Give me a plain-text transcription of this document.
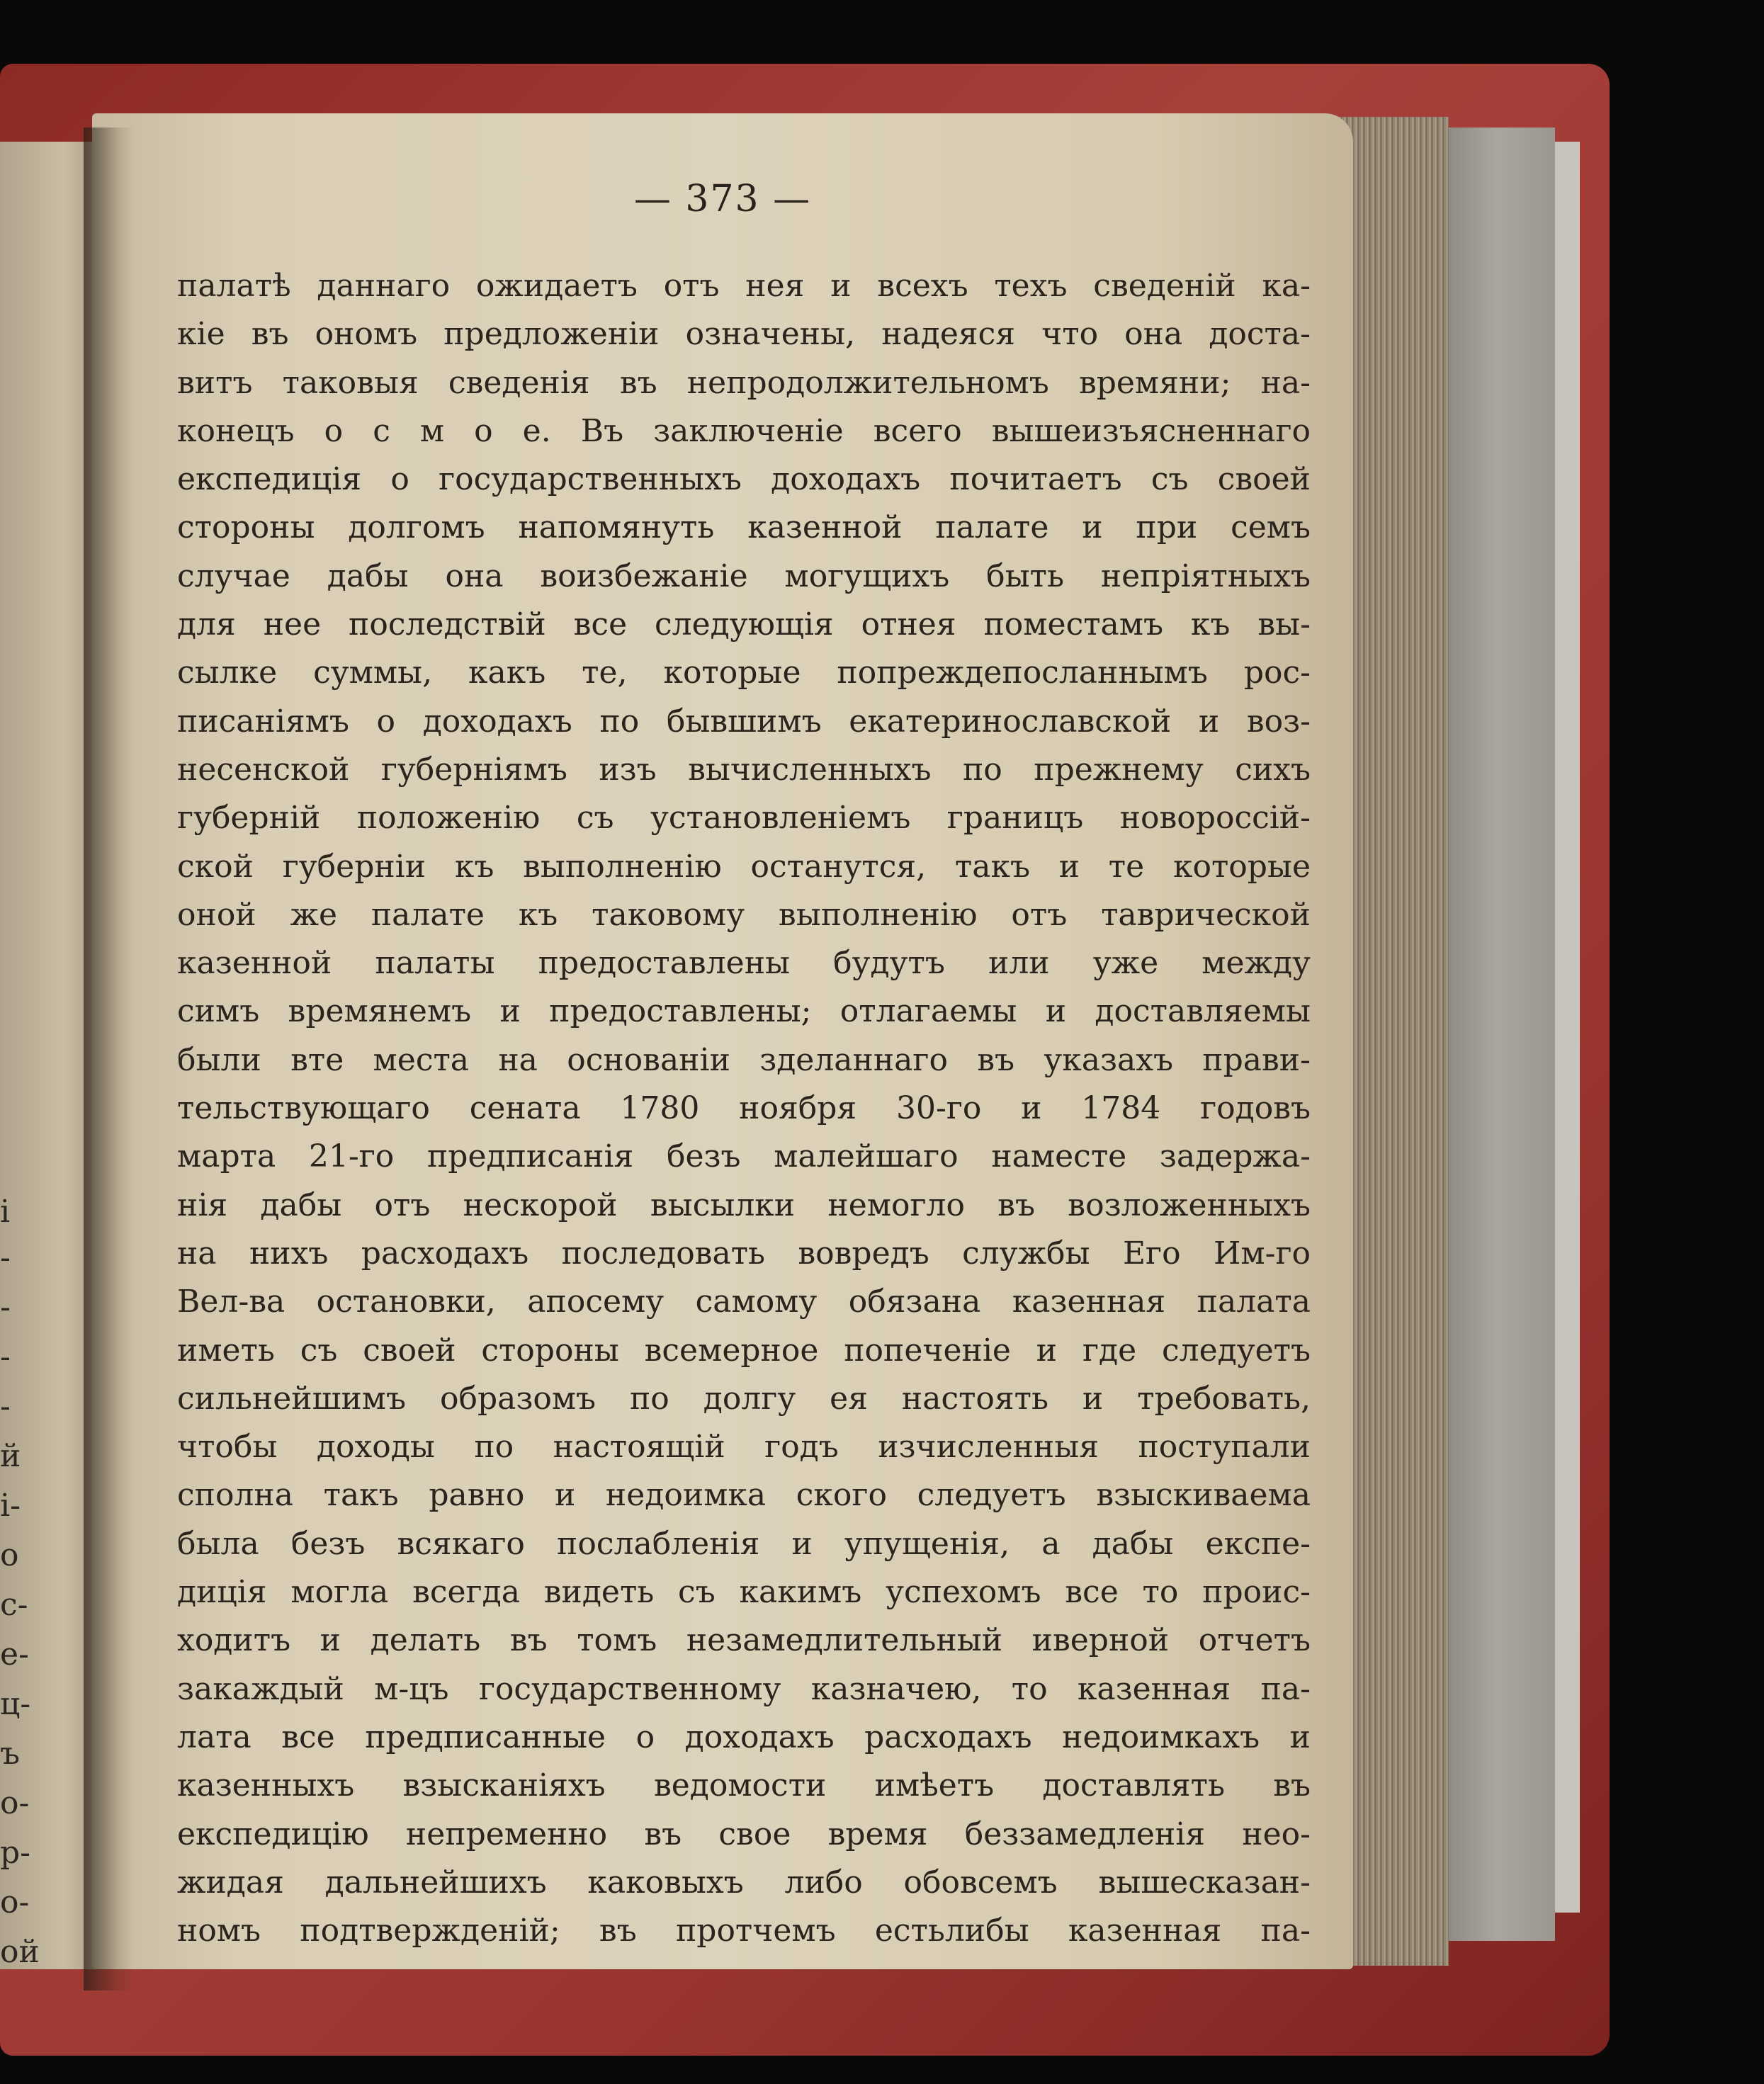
і
-
-
-
-
й
і-
о
с-
е-
ц-
ъ
о-
р-
о-
ой
— 373 —
палатѣ даннаго ожидаетъ отъ нея и всехъ техъ сведеній ка-
кіе въ ономъ предложеніи означены, надеяся что она доста-
витъ таковыя сведенія въ непродолжительномъ времяни; на-
конецъ о с м о е. Въ заключеніе всего вышеизъясненнаго
експедиція о государственныхъ доходахъ почитаетъ съ своей
стороны долгомъ напомянуть казенной палате и при семъ
случае дабы она воизбежаніе могущихъ быть непріятныхъ
для нее последствій все следующія отнея поместамъ къ вы-
сылке суммы, какъ те, которые попреждепосланнымъ рос-
писаніямъ о доходахъ по бывшимъ екатеринославской и воз-
несенской губерніямъ изъ вычисленныхъ по прежнему сихъ
губерній положенію съ установленіемъ границъ новороссій-
ской губерніи къ выполненію останутся, такъ и те которые
оной же палате къ таковому выполненію отъ таврической
казенной палаты предоставлены будутъ или уже между
симъ времянемъ и предоставлены; отлагаемы и доставляемы
были вте места на основаніи зделаннаго въ указахъ прави-
тельствующаго сената 1780 ноября 30-го и 1784 годовъ
марта 21-го предписанія безъ малейшаго наместе задержа-
нія дабы отъ нескорой высылки немогло въ возложенныхъ
на нихъ расходахъ последовать вовредъ службы Его Им-го
Вел-ва остановки, апосему самому обязана казенная палата
иметь съ своей стороны всемерное попеченіе и где следуетъ
сильнейшимъ образомъ по долгу ея настоять и требовать,
чтобы доходы по настоящій годъ изчисленныя поступали
сполна такъ равно и недоимка ского следуетъ взыскиваема
была безъ всякаго послабленія и упущенія, а дабы експе-
диція могла всегда видеть съ какимъ успехомъ все то проис-
ходитъ и делать въ томъ незамедлительный иверной отчетъ
закаждый м-цъ государственному казначею, то казенная па-
лата все предписанные о доходахъ расходахъ недоимкахъ и
казенныхъ взысканіяхъ ведомости имѣетъ доставлять въ
експедицію непременно въ свое время беззамедленія нео-
жидая дальнейшихъ каковыхъ либо обовсемъ вышесказан-
номъ подтвержденій; въ протчемъ естьлибы казенная па-
